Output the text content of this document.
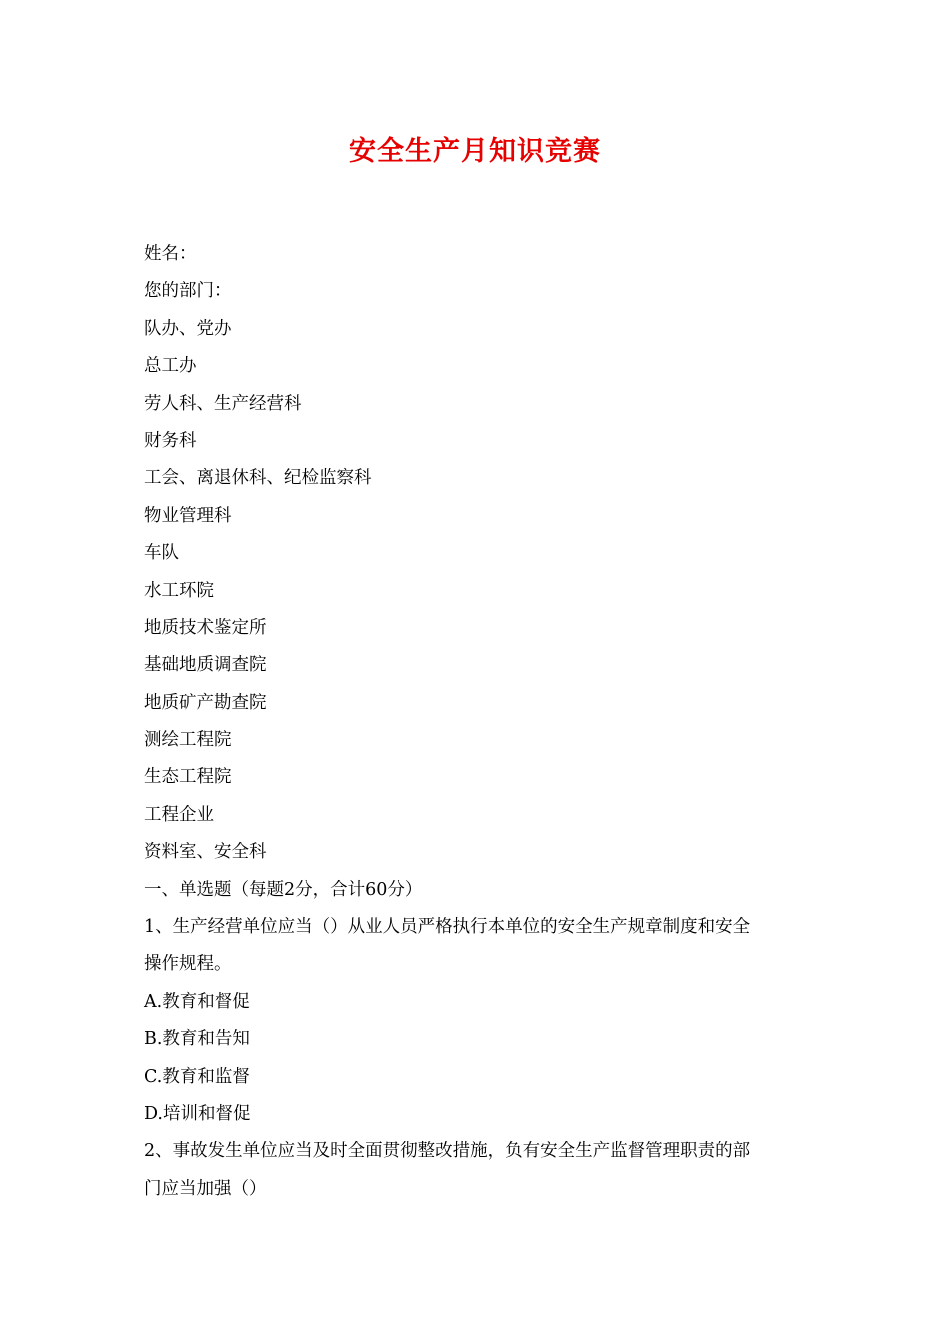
安全生产月知识竞赛
姓名：
您的部门：
队办、党办
总工办
劳人科、生产经营科
财务科
工会、离退休科、纪检监察科
物业管理科
车队
水工环院
地质技术鉴定所
基础地质调查院
地质矿产勘查院
测绘工程院
生态工程院
工程企业
资料室、安全科
一、单选题（每题2分，合计60分）
1、生产经营单位应当（）从业人员严格执行本单位的安全生产规章制度和安全
操作规程。
A.教育和督促
B.教育和告知
C.教育和监督
D.培训和督促
2、事故发生单位应当及时全面贯彻整改措施，负有安全生产监督管理职责的部
门应当加强（）
